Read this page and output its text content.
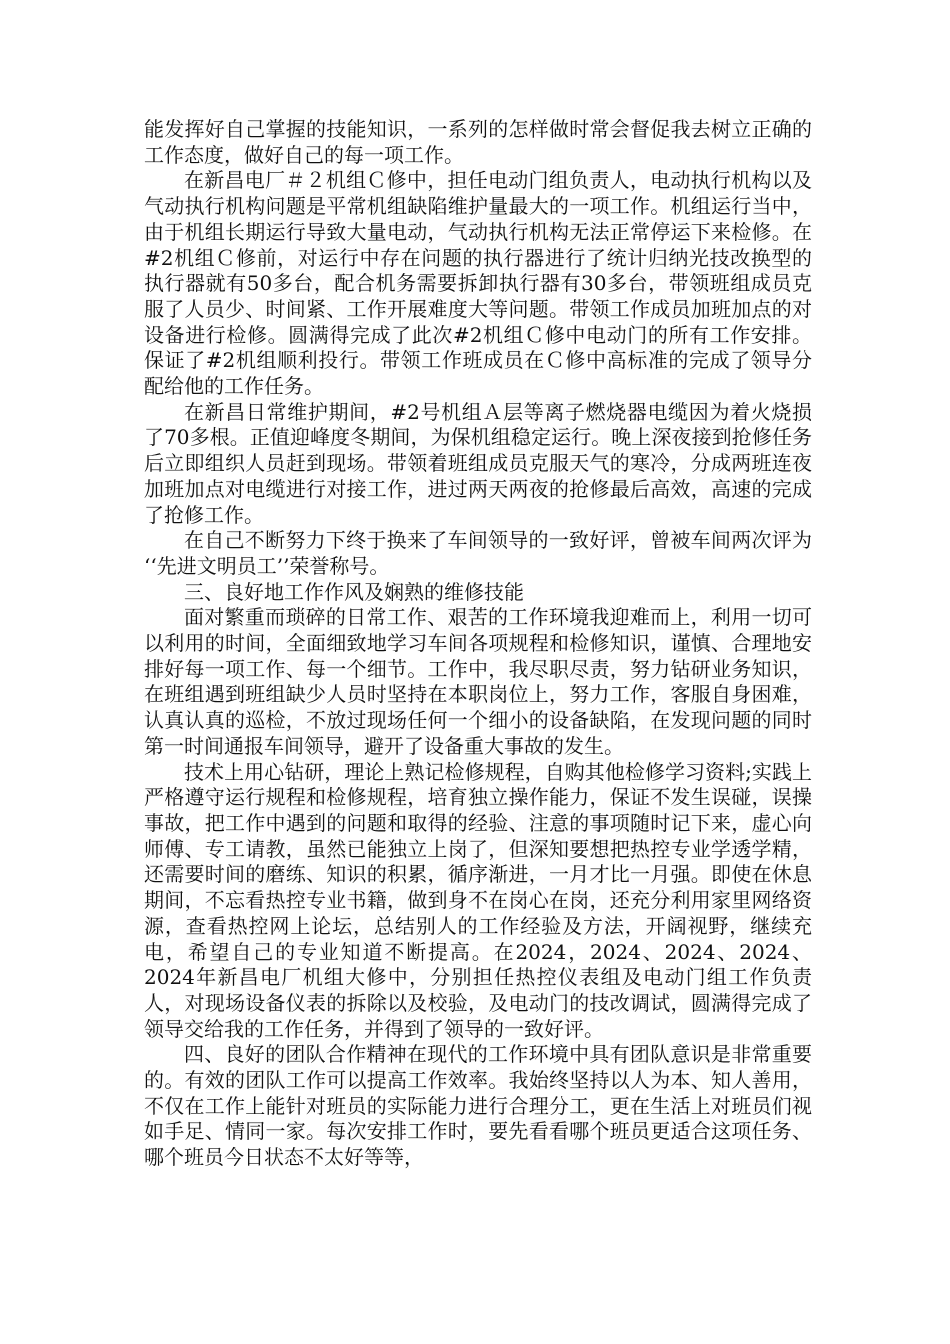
能发挥好自己掌握的技能知识，一系列的怎样做时常会督促我去树立正确的工作态度，做好自己的每一项工作。

在新昌电厂＃２机组Ｃ修中，担任电动门组负责人，电动执行机构以及气动执行机构问题是平常机组缺陷维护量最大的一项工作。机组运行当中，由于机组长期运行导致大量电动，气动执行机构无法正常停运下来检修。在 #2机组Ｃ修前，对运行中存在问题的执行器进行了统计归纳光技改换型的执行器就有50多台，配合机务需要拆卸执行器有30多台，带领班组成员克服了人员少、时间紧、工作开展难度大等问题。带领工作成员加班加点的对设备进行检修。圆满得完成了此次#2机组Ｃ修中电动门的所有工作安排。保证了#2机组顺利投行。带领工作班成员在Ｃ修中高标准的完成了领导分配给他的工作任务。

在新昌日常维护期间，#2号机组Ａ层等离子燃烧器电缆因为着火烧损了70多根。正值迎峰度冬期间，为保机组稳定运行。晚上深夜接到抢修任务后立即组织人员赶到现场。带领着班组成员克服天气的寒冷，分成两班连夜加班加点对电缆进行对接工作，进过两天两夜的抢修最后高效，高速的完成了抢修工作。

在自己不断努力下终于换来了车间领导的一致好评，曾被车间两次评为 ‘‘先进文明员工’’荣誉称号。

三、良好地工作作风及娴熟的维修技能

面对繁重而琐碎的日常工作、艰苦的工作环境我迎难而上，利用一切可以利用的时间，全面细致地学习车间各项规程和检修知识，谨慎、合理地安排好每一项工作、每一个细节。工作中，我尽职尽责，努力钻研业务知识，在班组遇到班组缺少人员时坚持在本职岗位上，努力工作，客服自身困难，认真认真的巡检，不放过现场任何一个细小的设备缺陷，在发现问题的同时第一时间通报车间领导，避开了设备重大事故的发生。

技术上用心钻研，理论上熟记检修规程，自购其他检修学习资料;实践上严格遵守运行规程和检修规程，培育独立操作能力，保证不发生误碰，误操事故，把工作中遇到的问题和取得的经验、注意的事项随时记下来，虚心向师傅、专工请教，虽然已能独立上岗了，但深知要想把热控专业学透学精，还需要时间的磨练、知识的积累，循序渐进，一月才比一月强。即使在休息期间，不忘看热控专业书籍，做到身不在岗心在岗，还充分利用家里网络资源，查看热控网上论坛，总结别人的工作经验及方法，开阔视野，继续充电，希望自己的专业知道不断提高。在2024，2024、2024、2024、2024年新昌电厂机组大修中，分别担任热控仪表组及电动门组工作负责人，对现场设备仪表的拆除以及校验，及电动门的技改调试，圆满得完成了领导交给我的工作任务，并得到了领导的一致好评。

四、良好的团队合作精神在现代的工作环境中具有团队意识是非常重要的。有效的团队工作可以提高工作效率。我始终坚持以人为本、知人善用，不仅在工作上能针对班员的实际能力进行合理分工，更在生活上对班员们视如手足、情同一家。每次安排工作时，要先看看哪个班员更适合这项任务、哪个班员今日状态不太好等等，
